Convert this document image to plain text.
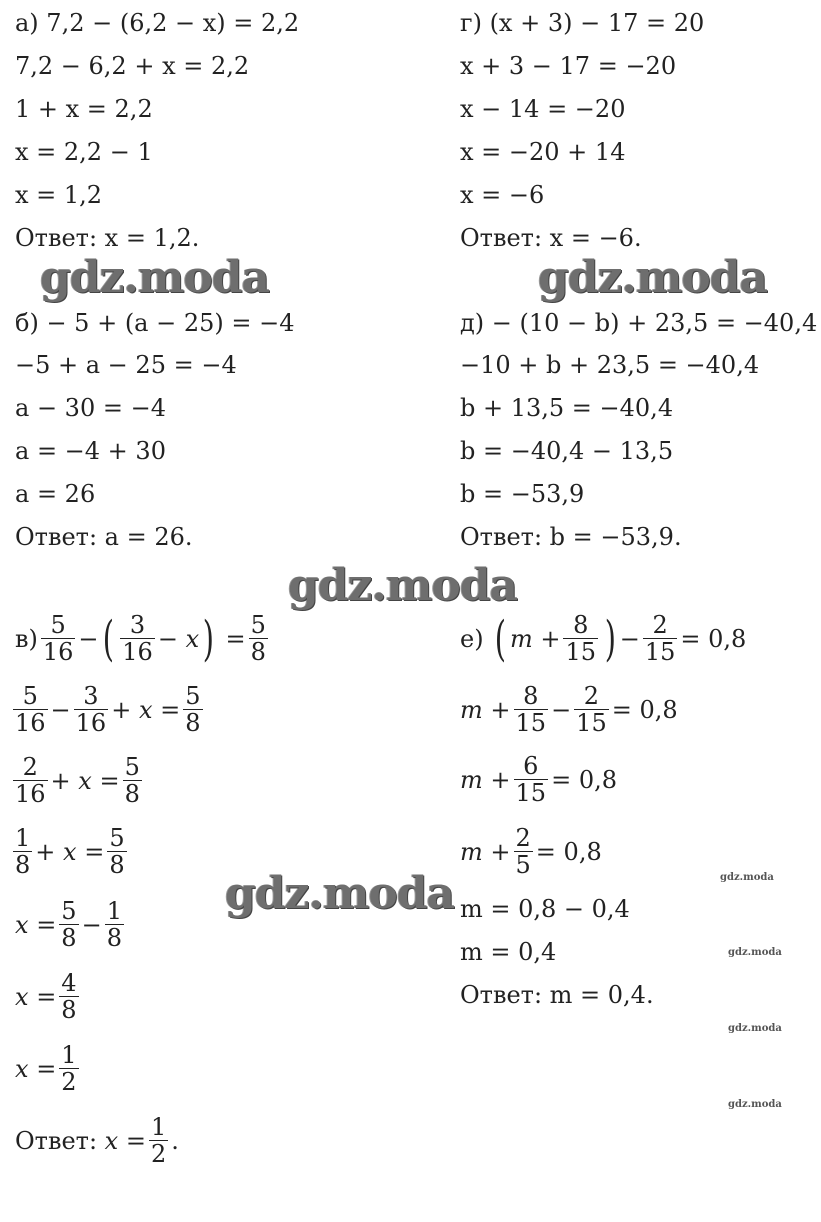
а) 7,2 − (6,2 − x) = 2,2
7,2 − 6,2 + x = 2,2
1 + x = 2,2
x = 2,2 − 1
x = 1,2
Ответ: x = 1,2.
г) (x + 3) − 17 = 20
x + 3 − 17 = −20
x − 14 = −20
x = −20 + 14
x = −6
Ответ: x = −6.
gdz.moda	gdz.moda
б) − 5 + (a − 25) = −4
−5 + a − 25 = −4
a − 30 = −4
a = −4 + 30
a = 26
Ответ: a = 26.
д) − (10 − b) + 23,5 = −40,4
−10 + b + 23,5 = −40,4
b + 13,5 = −40,4
b = −40,4 − 13,5
b = −53,9
Ответ: b = −53,9.
gdz.moda
$в) \frac{5}{16}$ − ( $\frac{3}{16}$ −
x )
= $\frac{5}{8}$
$\frac{5}{16} - \frac{3}{16}$ +
x
= $\frac{5}{8}$
$\frac{2}{16}$ +
x
= $\frac{5}{8}$
$\frac{1}{8}$ +
x
= $\frac{5}{8}$
x
= $\frac{5}{8} - \frac{1}{8}$
x
= $\frac{4}{8}$
x
= $\frac{1}{2}$
Ответ:
x
= $\frac{1}{2}$ .
gdz.moda
е)
( m
+ $\frac{8}{15}$ ) − $\frac{2}{15}$ =
0,8
m
+ $\frac{8}{15} - \frac{2}{15}$ =
0,8
m
+ $\frac{6}{15}$ =
0,8
m
+ $\frac{2}{5}$ =
0,8
m = 0,8 − 0,4
m = 0,4
Ответ: m = 0,4.
gdz.moda
gdz.moda
gdz.moda
gdz.moda
